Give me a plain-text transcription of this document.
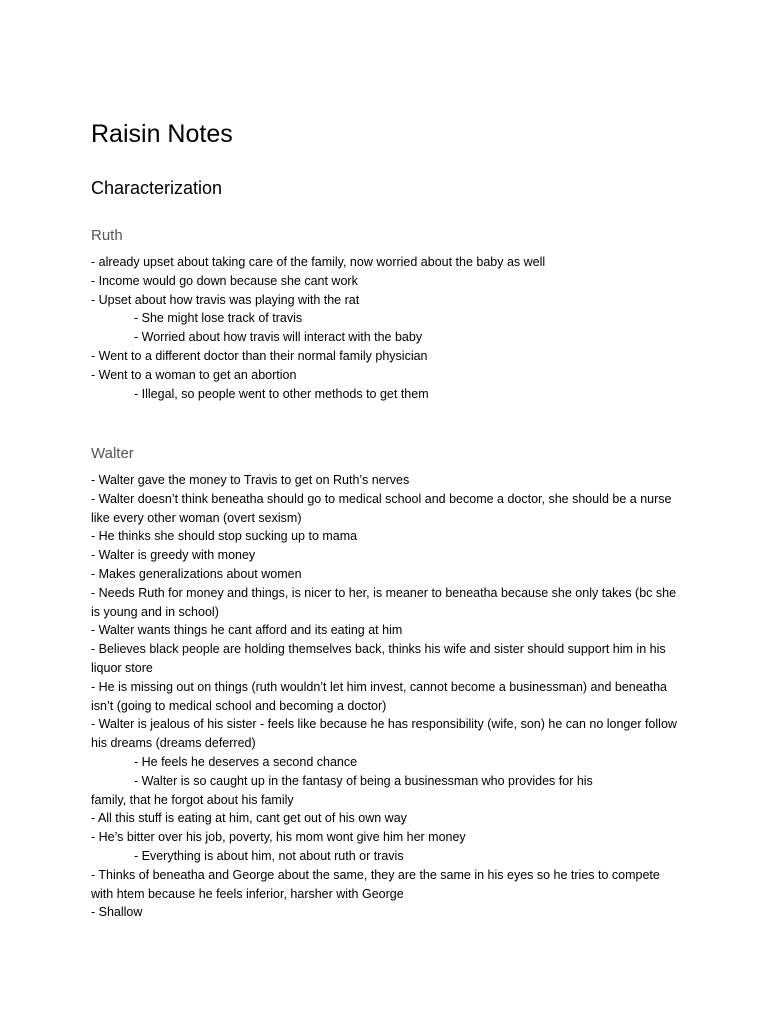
Raisin Notes
Characterization
Ruth
- already upset about taking care of the family, now worried about the baby as well
- Income would go down because she cant work
- Upset about how travis was playing with the rat
- She might lose track of travis
- Worried about how travis will interact with the baby
- Went to a different doctor than their normal family physician
- Went to a woman to get an abortion
- Illegal, so people went to other methods to get them
Walter
- Walter gave the money to Travis to get on Ruth’s nerves
- Walter doesn’t think beneatha should go to medical school and become a doctor, she should be a nurse like every other woman (overt sexism)
- He thinks she should stop sucking up to mama
- Walter is greedy with money
- Makes generalizations about women
- Needs Ruth for money and things, is nicer to her, is meaner to beneatha because she only takes (bc she is young and in school)
- Walter wants things he cant afford and its eating at him
- Believes black people are holding themselves back, thinks his wife and sister should support him in his liquor store
- He is missing out on things (ruth wouldn’t let him invest, cannot become a businessman) and beneatha isn’t (going to medical school and becoming a doctor)
- Walter is jealous of his sister - feels like because he has responsibility (wife, son) he can no longer follow his dreams (dreams deferred)
- He feels he deserves a second chance
- Walter is so caught up in the fantasy of being a businessman who provides for his
family, that he forgot about his family
- All this stuff is eating at him, cant get out of his own way
- He’s bitter over his job, poverty, his mom wont give him her money
- Everything is about him, not about ruth or travis
- Thinks of beneatha and George about the same, they are the same in his eyes so he tries to compete with htem because he feels inferior, harsher with George
- Shallow
